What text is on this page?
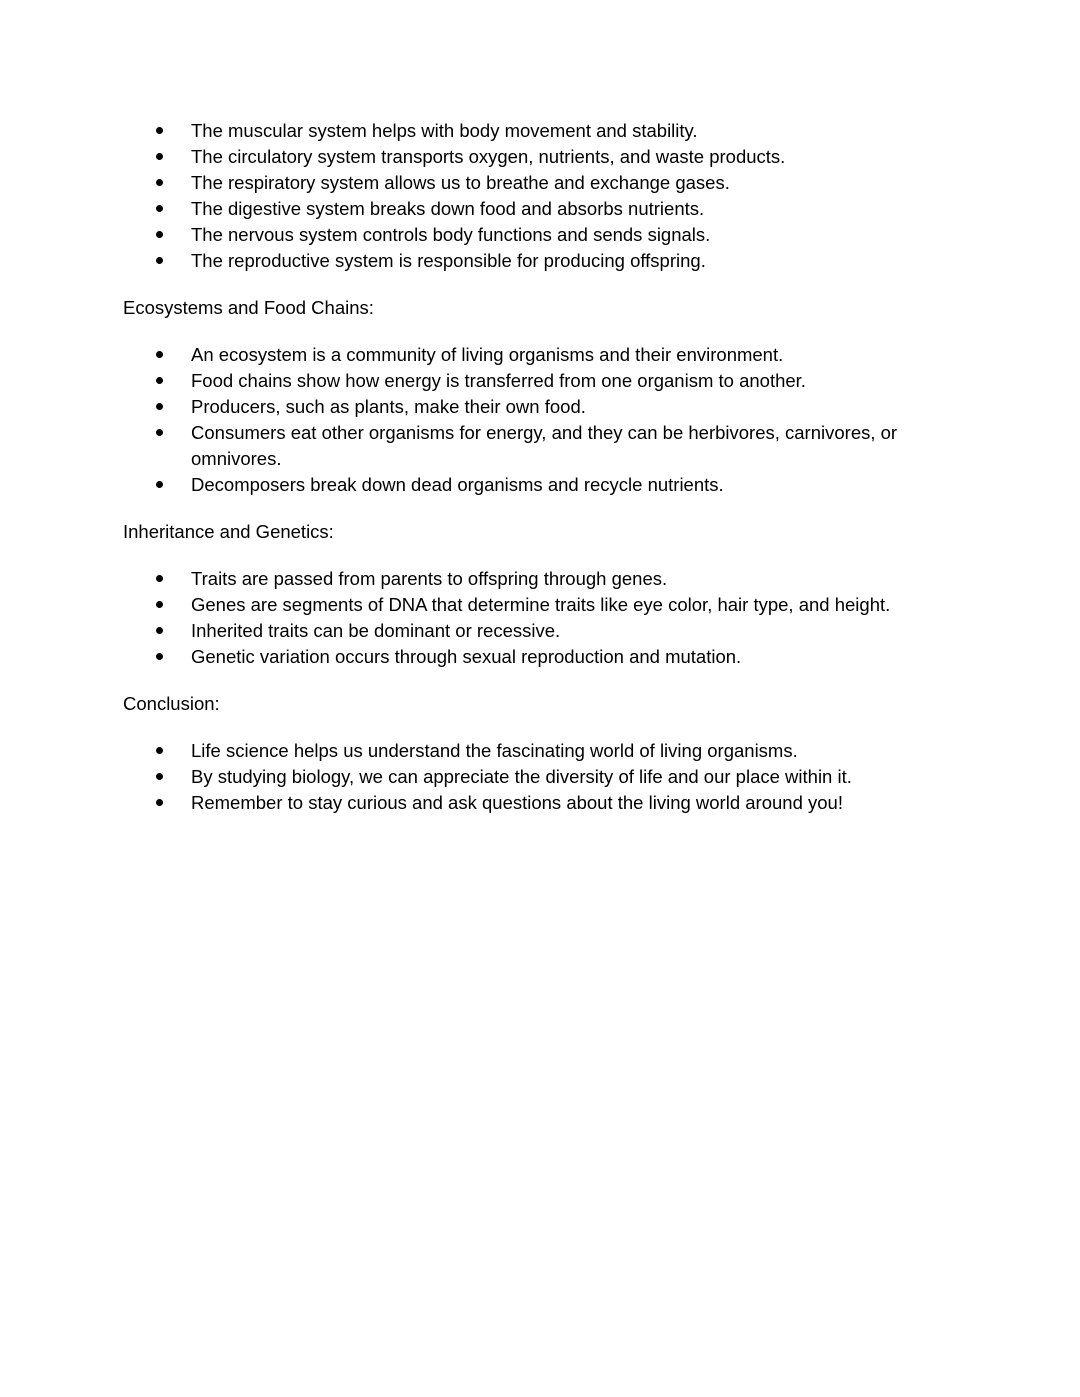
The muscular system helps with body movement and stability.
The circulatory system transports oxygen, nutrients, and waste products.
The respiratory system allows us to breathe and exchange gases.
The digestive system breaks down food and absorbs nutrients.
The nervous system controls body functions and sends signals.
The reproductive system is responsible for producing offspring.

Ecosystems and Food Chains:

An ecosystem is a community of living organisms and their environment.
Food chains show how energy is transferred from one organism to another.
Producers, such as plants, make their own food.
Consumers eat other organisms for energy, and they can be herbivores, carnivores, or omnivores.
Decomposers break down dead organisms and recycle nutrients.

Inheritance and Genetics:

Traits are passed from parents to offspring through genes.
Genes are segments of DNA that determine traits like eye color, hair type, and height.
Inherited traits can be dominant or recessive.
Genetic variation occurs through sexual reproduction and mutation.

Conclusion:

Life science helps us understand the fascinating world of living organisms.
By studying biology, we can appreciate the diversity of life and our place within it.
Remember to stay curious and ask questions about the living world around you!
